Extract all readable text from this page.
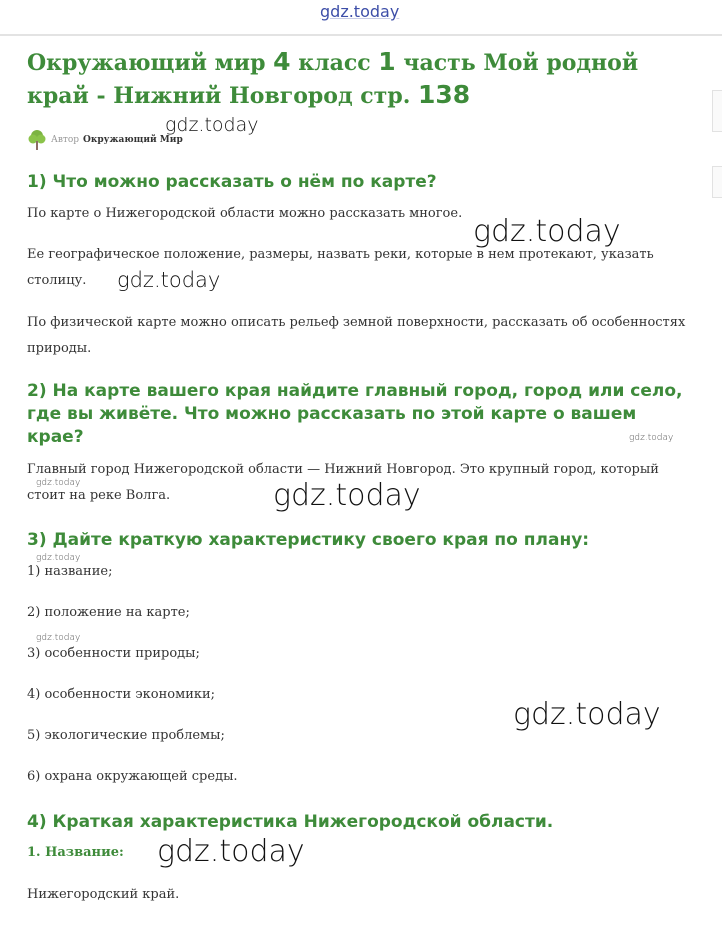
gdz.today
Окружающий мир 4 класс 1 часть Мой родной край - Нижний Новгород стр. 138
Автор Окружающий Мир
1) Что можно рассказать о нём по карте?

По карте о Нижегородской области можно рассказать многое.

Ее географическое положение, размеры, назвать реки, которые в нем протекают, указать столицу.

По физической карте можно описать рельеф земной поверхности, рассказать об особенностях природы.

2) На карте вашего края найдите главный город, город или село, где вы живёте. Что можно рассказать по этой карте о вашем крае?

Главный город Нижегородской области — Нижний Новгород. Это крупный город, который стоит на реке Волга.

3) Дайте краткую характеристику своего края по плану:

1) название;

2) положение на карте;

3) особенности природы;

4) особенности экономики;

5) экологические проблемы;

6) охрана окружающей среды.

4) Краткая характеристика Нижегородской области.
1. Название:

Нижегородский край.

gdz.today
gdz.today
gdz.today
gdz.today
gdz.today	gdz.today
gdz.today
gdz.today
gdz.today
gdz.today
